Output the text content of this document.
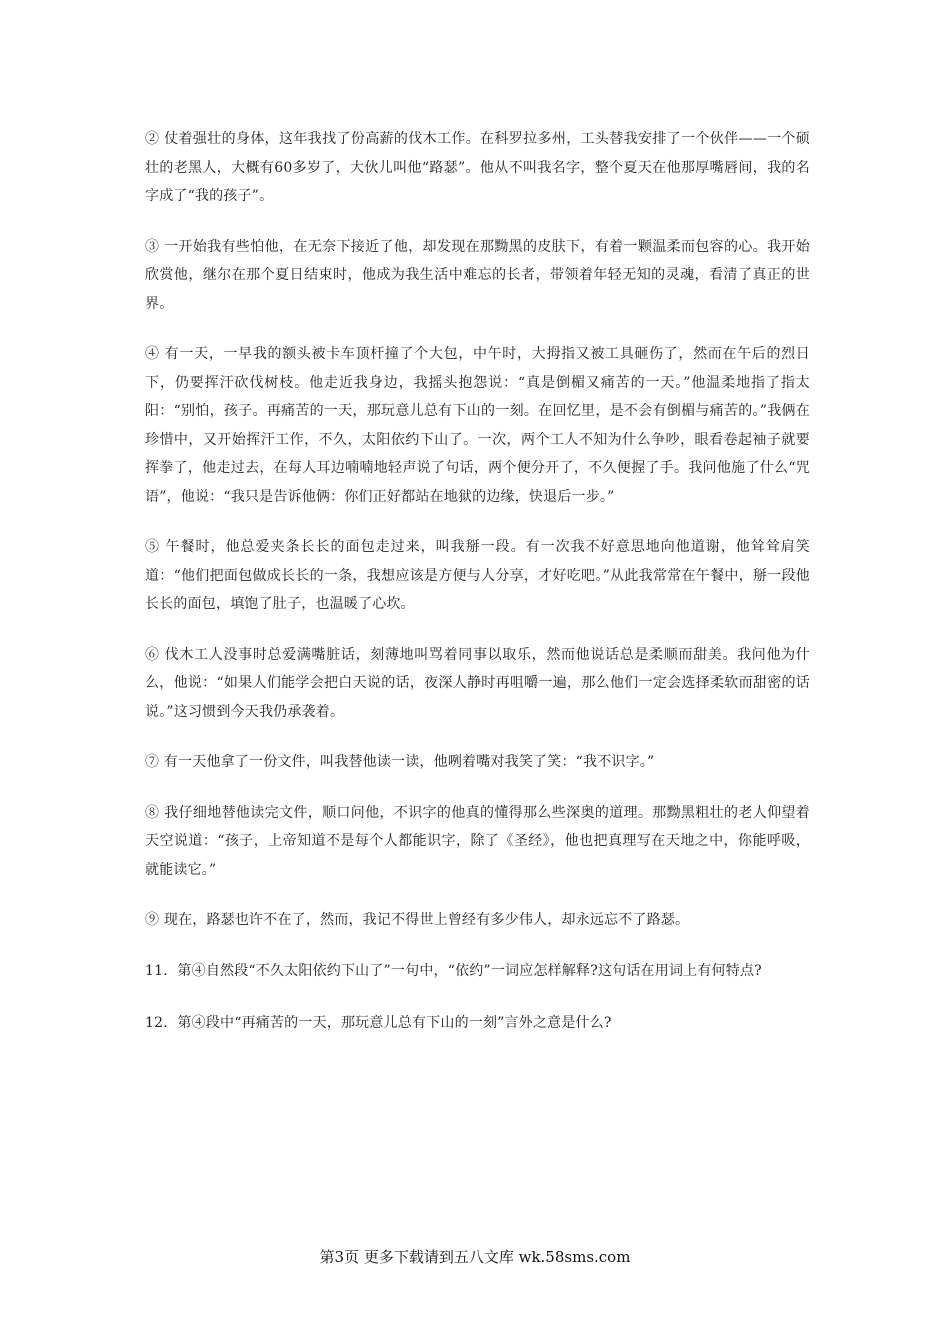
② 仗着强壮的身体，这年我找了份高薪的伐木工作。在科罗拉多州，工头替我安排了一个伙伴——一个硕壮的老黑人，大概有60多岁了，大伙儿叫他“路瑟”。他从不叫我名字，整个夏天在他那厚嘴唇间，我的名字成了“我的孩子”。

③ 一开始我有些怕他，在无奈下接近了他，却发现在那黝黑的皮肤下，有着一颗温柔而包容的心。我开始欣赏他，继尔在那个夏日结束时，他成为我生活中难忘的长者，带领着年轻无知的灵魂，看清了真正的世界。

④ 有一天，一早我的额头被卡车顶杆撞了个大包，中午时，大拇指又被工具砸伤了，然而在午后的烈日下，仍要挥汗砍伐树枝。他走近我身边，我摇头抱怨说：“真是倒楣又痛苦的一天。”他温柔地指了指太阳：“别怕，孩子。再痛苦的一天，那玩意儿总有下山的一刻。在回忆里，是不会有倒楣与痛苦的。”我俩在珍惜中，又开始挥汗工作，不久，太阳依约下山了。一次，两个工人不知为什么争吵，眼看卷起袖子就要挥拳了，他走过去，在每人耳边喃喃地轻声说了句话，两个便分开了，不久便握了手。我问他施了什么“咒语”，他说：“我只是告诉他俩：你们正好都站在地狱的边缘，快退后一步。”

⑤ 午餐时，他总爱夹条长长的面包走过来，叫我掰一段。有一次我不好意思地向他道谢，他耸耸肩笑道：“他们把面包做成长长的一条，我想应该是方便与人分享，才好吃吧。”从此我常常在午餐中，掰一段他长长的面包，填饱了肚子，也温暖了心坎。

⑥ 伐木工人没事时总爱满嘴脏话，刻薄地叫骂着同事以取乐，然而他说话总是柔顺而甜美。我问他为什么，他说：“如果人们能学会把白天说的话，夜深人静时再咀嚼一遍，那么他们一定会选择柔软而甜密的话说。”这习惯到今天我仍承袭着。

⑦ 有一天他拿了一份文件，叫我替他读一读，他咧着嘴对我笑了笑：“我不识字。”

⑧ 我仔细地替他读完文件，顺口问他，不识字的他真的懂得那么些深奥的道理。那黝黑粗壮的老人仰望着天空说道：“孩子，上帝知道不是每个人都能识字，除了《圣经》，他也把真理写在天地之中，你能呼吸，就能读它。”

⑨ 现在，路瑟也许不在了，然而，我记不得世上曾经有多少伟人，却永远忘不了路瑟。

11．第④自然段“不久太阳依约下山了”一句中，“依约”一词应怎样解释?这句话在用词上有何特点?

12．第④段中“再痛苦的一天，那玩意儿总有下山的一刻”言外之意是什么?

第3页 更多下载请到五八文库 wk.58sms.com
